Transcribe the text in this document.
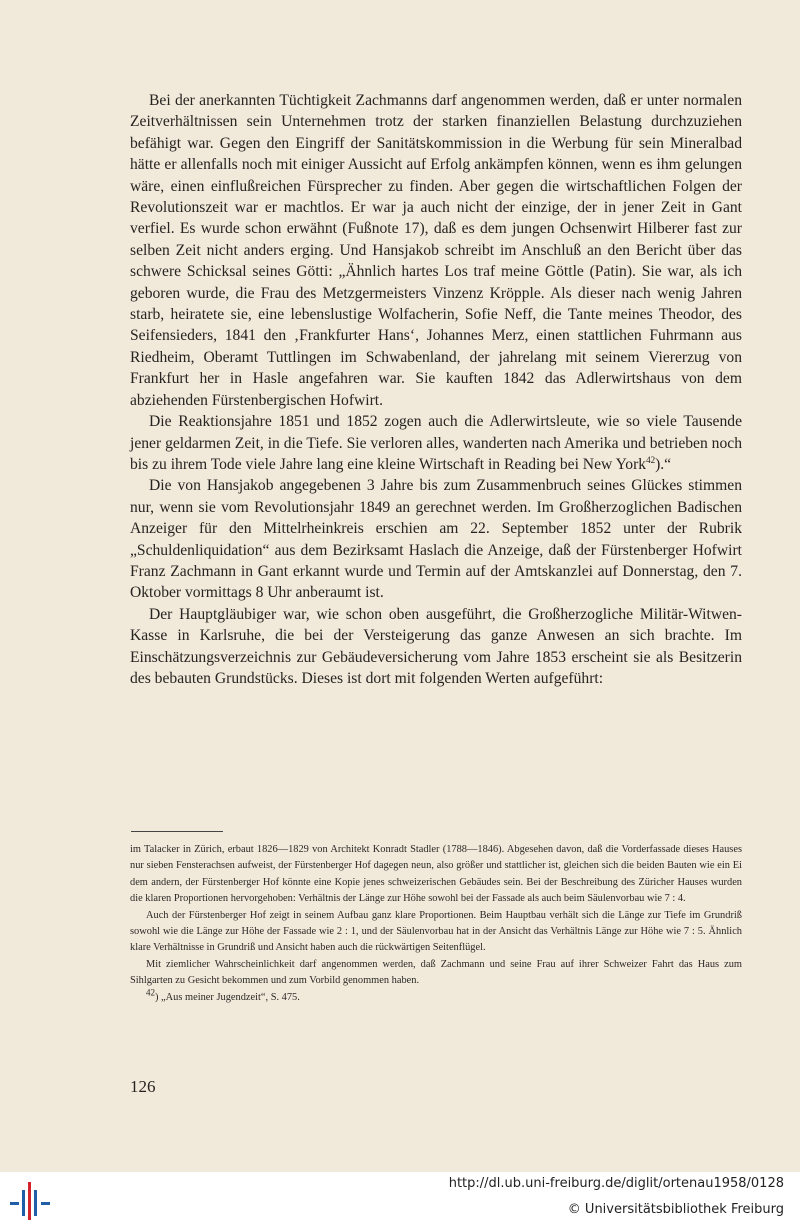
Bei der anerkannten Tüchtigkeit Zachmanns darf angenommen werden, daß er unter normalen Zeitverhältnissen sein Unternehmen trotz der starken finanziellen Belastung durchzuziehen befähigt war. Gegen den Eingriff der Sanitätskommission in die Werbung für sein Mineralbad hätte er allenfalls noch mit einiger Aussicht auf Erfolg ankämpfen können, wenn es ihm gelungen wäre, einen einflußreichen Fürsprecher zu finden. Aber gegen die wirtschaftlichen Folgen der Revolutionszeit war er machtlos. Er war ja auch nicht der einzige, der in jener Zeit in Gant verfiel. Es wurde schon erwähnt (Fußnote 17), daß es dem jungen Ochsenwirt Hilberer fast zur selben Zeit nicht anders erging. Und Hansjakob schreibt im Anschluß an den Bericht über das schwere Schicksal seines Götti: „Ähnlich hartes Los traf meine Göttle (Patin). Sie war, als ich geboren wurde, die Frau des Metzgermeisters Vinzenz Kröpple. Als dieser nach wenig Jahren starb, heiratete sie, eine lebenslustige Wolfacherin, Sofie Neff, die Tante meines Theodor, des Seifensieders, 1841 den ‚Frankfurter Hans‘, Johannes Merz, einen stattlichen Fuhrmann aus Riedheim, Oberamt Tuttlingen im Schwabenland, der jahrelang mit seinem Viererzug von Frankfurt her in Hasle angefahren war. Sie kauften 1842 das Adlerwirtshaus von dem abziehenden Fürstenbergischen Hofwirt.

Die Reaktionsjahre 1851 und 1852 zogen auch die Adlerwirtsleute, wie so viele Tausende jener geldarmen Zeit, in die Tiefe. Sie verloren alles, wanderten nach Amerika und betrieben noch bis zu ihrem Tode viele Jahre lang eine kleine Wirtschaft in Reading bei New York$^{42}$).“

Die von Hansjakob angegebenen 3 Jahre bis zum Zusammenbruch seines Glückes stimmen nur, wenn sie vom Revolutionsjahr 1849 an gerechnet werden. Im Großherzoglichen Badischen Anzeiger für den Mittelrheinkreis erschien am 22. September 1852 unter der Rubrik „Schuldenliquidation“ aus dem Bezirksamt Haslach die Anzeige, daß der Fürstenberger Hofwirt Franz Zachmann in Gant erkannt wurde und Termin auf der Amtskanzlei auf Donnerstag, den 7. Oktober vormittags 8 Uhr anberaumt ist.

Der Hauptgläubiger war, wie schon oben ausgeführt, die Großherzogliche Militär-Witwen-Kasse in Karlsruhe, die bei der Versteigerung das ganze Anwesen an sich brachte. Im Einschätzungsverzeichnis zur Gebäudeversicherung vom Jahre 1853 erscheint sie als Besitzerin des bebauten Grundstücks. Dieses ist dort mit folgenden Werten aufgeführt:

im Talacker in Zürich, erbaut 1826—1829 von Architekt Konradt Stadler (1788—1846). Abgesehen davon, daß die Vorderfassade dieses Hauses nur sieben Fensterachsen aufweist, der Fürstenberger Hof dagegen neun, also größer und stattlicher ist, gleichen sich die beiden Bauten wie ein Ei dem andern, der Fürstenberger Hof könnte eine Kopie jenes schweizerischen Gebäudes sein. Bei der Beschreibung des Züricher Hauses wurden die klaren Proportionen hervorgehoben: Verhältnis der Länge zur Höhe sowohl bei der Fassade als auch beim Säulenvorbau wie 7 : 4.

Auch der Fürstenberger Hof zeigt in seinem Aufbau ganz klare Proportionen. Beim Hauptbau verhält sich die Länge zur Tiefe im Grundriß sowohl wie die Länge zur Höhe der Fassade wie 2 : 1, und der Säulenvorbau hat in der Ansicht das Verhältnis Länge zur Höhe wie 7 : 5. Ähnlich klare Verhältnisse in Grundriß und Ansicht haben auch die rückwärtigen Seitenflügel.

Mit ziemlicher Wahrscheinlichkeit darf angenommen werden, daß Zachmann und seine Frau auf ihrer Schweizer Fahrt das Haus zum Sihlgarten zu Gesicht bekommen und zum Vorbild genommen haben.

$^{42}$) „Aus meiner Jugendzeit“, S. 475.

126
http://dl.ub.uni-freiburg.de/diglit/ortenau1958/0128
© Universitätsbibliothek Freiburg
